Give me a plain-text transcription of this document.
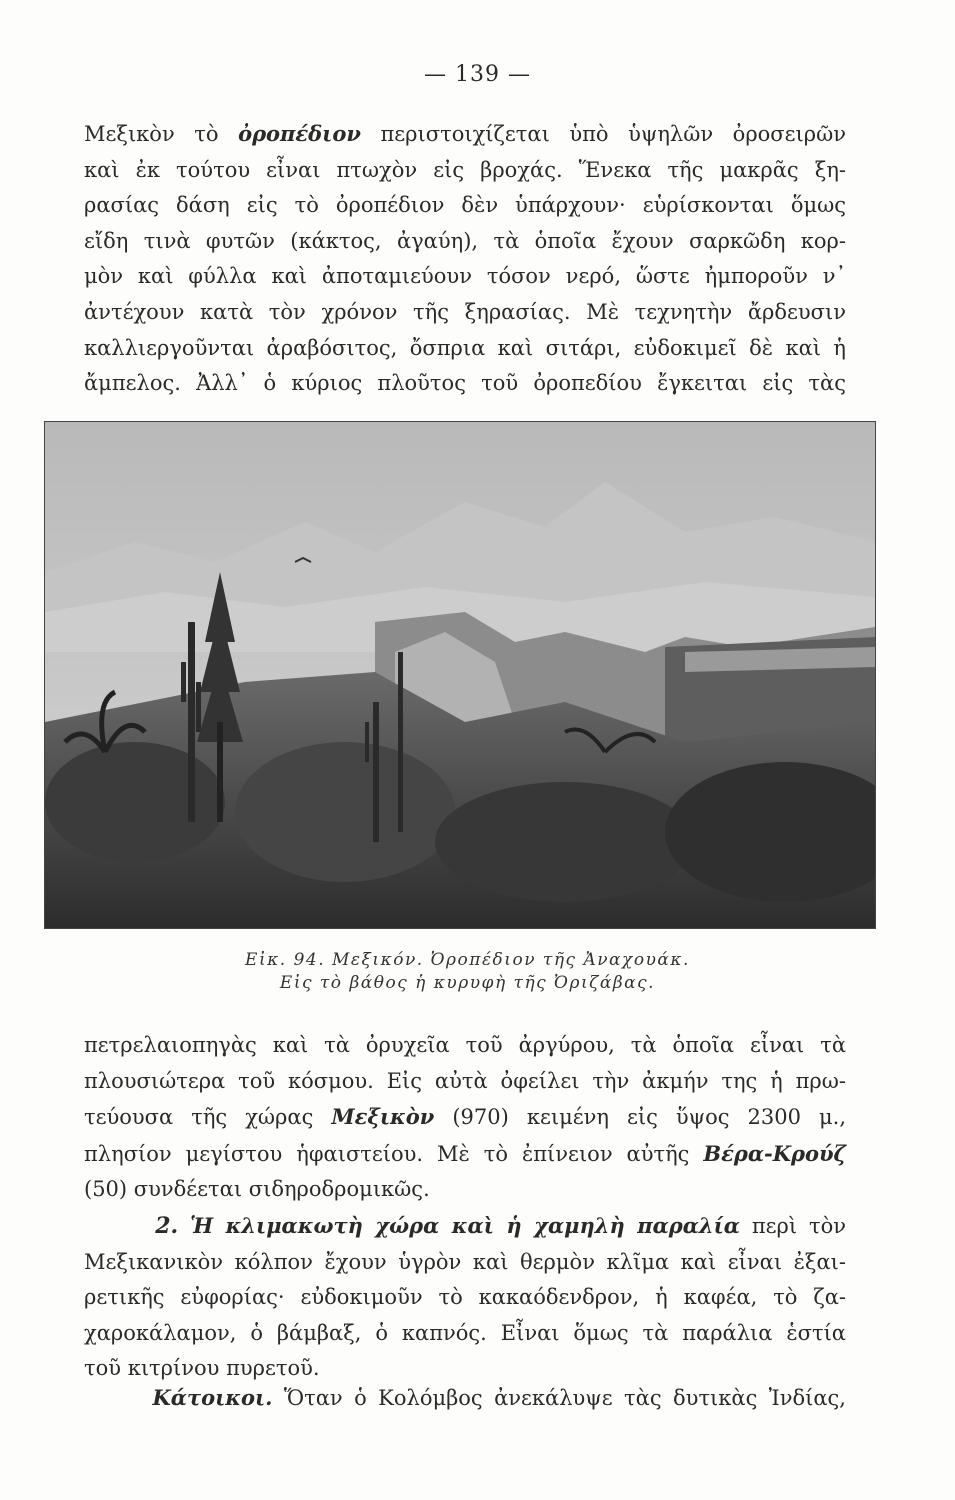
— 139 —
Μεξικὸν τὸ ὀροπέδιον περιστοιχίζεται ὑπὸ ὑψηλῶν ὀροσειρῶν
καὶ ἐκ τούτου εἶναι πτωχὸν εἰς βροχάς. Ἕνεκα τῆς μακρᾶς ξη-
ρασίας δάση εἰς τὸ ὀροπέδιον δὲν ὑπάρχουν· εὑρίσκονται ὅμως
εἴδη τινὰ φυτῶν (κάκτος, ἀγαύη), τὰ ὁποῖα ἔχουν σαρκῶδη κορ-
μὸν καὶ φύλλα καὶ ἀποταμιεύουν τόσον νερό, ὥστε ἠμποροῦν ν᾽
ἀντέχουν κατὰ τὸν χρόνον τῆς ξηρασίας. Μὲ τεχνητὴν ἄρδευσιν
καλλιεργοῦνται ἀραβόσιτος, ὄσπρια καὶ σιτάρι, εὐδοκιμεῖ δὲ καὶ ἡ
ἄμπελος. Ἀλλ᾽ ὁ κύριος πλοῦτος τοῦ ὀροπεδίου ἔγκειται εἰς τὰς
Εἰκ. 94. Μεξικόν. Ὀροπέδιον τῆς Ἀναχουάκ.
Εἰς τὸ βάθος ἡ κυρυφὴ τῆς Ὀριζάβας.
πετρελαιοπηγὰς καὶ τὰ ὀρυχεῖα τοῦ ἀργύρου, τὰ ὁποῖα εἶναι τὰ
πλουσιώτερα τοῦ κόσμου. Εἰς αὐτὰ ὀφείλει τὴν ἀκμήν της ἡ πρω-
τεύουσα τῆς χώρας Μεξικὸν (970) κειμένη εἰς ὕψος 2300 μ.,
πλησίον μεγίστου ἡφαιστείου. Μὲ τὸ ἐπίνειον αὐτῆς Βέρα-Κρούζ
(50) συνδέεται σιδηροδρομικῶς.
2. Ἡ κλιμακωτὴ χώρα καὶ ἡ χαμηλὴ παραλία περὶ τὸν
Μεξικανικὸν κόλπον ἔχουν ὑγρὸν καὶ θερμὸν κλῖμα καὶ εἶναι ἐξαι-
ρετικῆς εὐφορίας· εὐδοκιμοῦν τὸ κακαόδενδρον, ἡ καφέα, τὸ ζα-
χαροκάλαμον, ὁ βάμβαξ, ὁ καπνός. Εἶναι ὅμως τὰ παράλια ἑστία
τοῦ κιτρίνου πυρετοῦ.
Κάτοικοι. Ὅταν ὁ Κολόμβος ἀνεκάλυψε τὰς δυτικὰς Ἰνδίας,
